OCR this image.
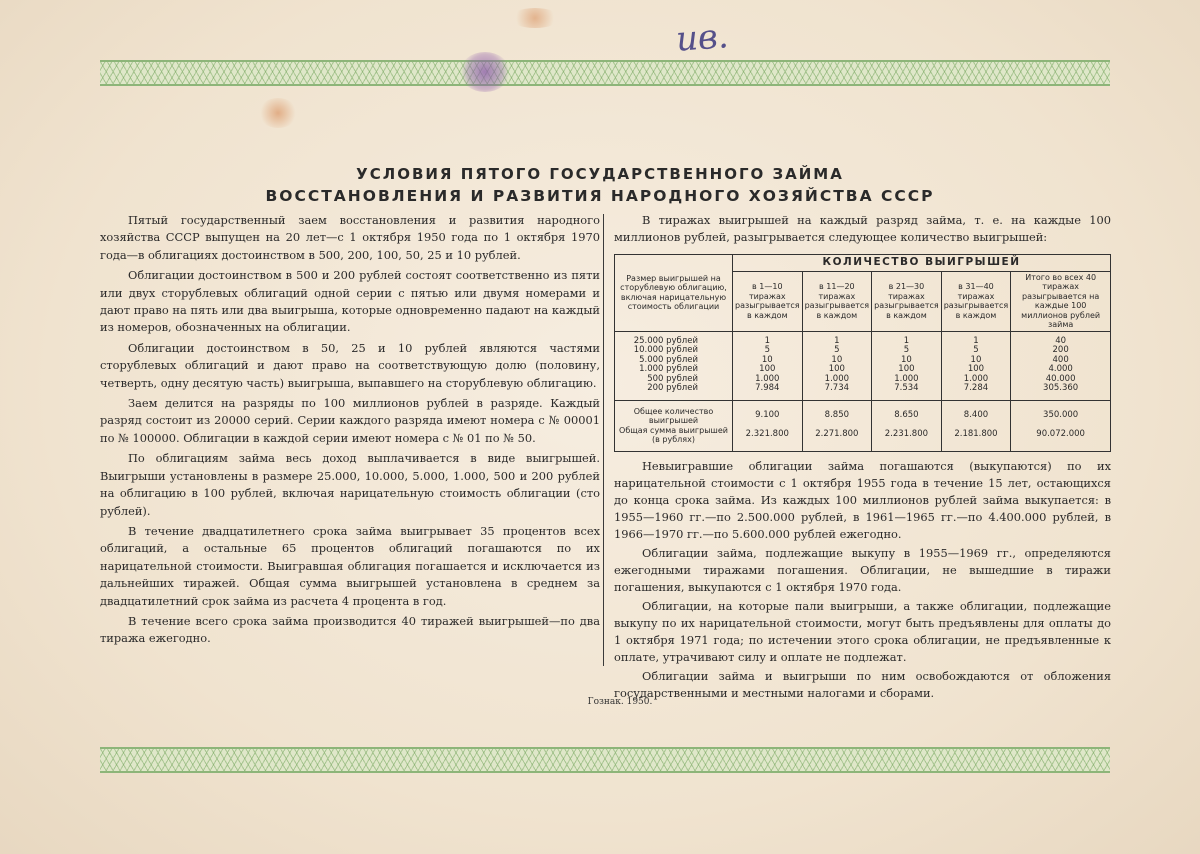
ив.
УСЛОВИЯ ПЯТОГО ГОСУДАРСТВЕННОГО ЗАЙМА
ВОССТАНОВЛЕНИЯ И РАЗВИТИЯ НАРОДНОГО ХОЗЯЙСТВА СССР

Пятый государственный заем восстановления и развития народного хозяйства СССР выпущен на 20 лет—с 1 октября 1950 года по 1 октября 1970 года—в облигациях достоинством в 500, 200, 100, 50, 25 и 10 рублей.

Облигации достоинством в 500 и 200 рублей состоят соответственно из пяти или двух сторублевых облигаций одной серии с пятью или двумя номерами и дают право на пять или два выигрыша, которые одновременно падают на каждый из номеров, обозначенных на облигации.

Облигации достоинством в 50, 25 и 10 рублей являются частями сторублевых облигаций и дают право на соответствующую долю (половину, четверть, одну десятую часть) выигрыша, выпавшего на сторублевую облигацию.

Заем делится на разряды по 100 миллионов рублей в разряде. Каждый разряд состоит из 20000 серий. Серии каждого разряда имеют номера с № 00001 по № 100000. Облигации в каждой серии имеют номера с № 01 по № 50.

По облигациям займа весь доход выплачивается в виде выигрышей. Выигрыши установлены в размере 25.000, 10.000, 5.000, 1.000, 500 и 200 рублей на облигацию в 100 рублей, включая нарицательную стоимость облигации (сто рублей).

В течение двадцатилетнего срока займа выигрывает 35 процентов всех облигаций, а остальные 65 процентов облигаций погашаются по их нарицательной стоимости. Выигравшая облигация погашается и исключается из дальнейших тиражей. Общая сумма выигрышей установлена в среднем за двадцатилетний срок займа из расчета 4 процента в год.

В течение всего срока займа производится 40 тиражей выигрышей—по два тиража ежегодно.

В тиражах выигрышей на каждый разряд займа, т. е. на каждые 100 миллионов рублей, разыгрывается следующее количество выигрышей:

Размер выигрышей на сторублевую облигацию, включая нарицательную стоимость облигации	КОЛИЧЕСТВО ВЫИГРЫШЕЙ				
	в 1—10 тиражах разыгрывается в каждом	в 11—20 тиражах разыгрывается в каждом	в 21—30 тиражах разыгрывается в каждом	в 31—40 тиражах разыгрывается в каждом	Итого во всех 40 тиражах разыгрывается на каждые 100 миллионов рублей займа
25.000 рублей	1	1	1	1	40
10.000 рублей	5	5	5	5	200
5.000 рублей	10	10	10	10	400
1.000 рублей	100	100	100	100	4.000
500 рублей	1.000	1.000	1.000	1.000	40.000
200 рублей	7.984	7.734	7.534	7.284	305.360
Общее количество выигрышей	9.100	8.850	8.650	8.400	350.000
Общая сумма выигрышей (в рублях)	2.321.800	2.271.800	2.231.800	2.181.800	90.072.000

Невыигравшие облигации займа погашаются (выкупаются) по их нарицательной стоимости с 1 октября 1955 года в течение 15 лет, остающихся до конца срока займа. Из каждых 100 миллионов рублей займа выкупается: в 1955—1960 гг.—по 2.500.000 рублей, в 1961—1965 гг.—по 4.400.000 рублей, в 1966—1970 гг.—по 5.600.000 рублей ежегодно.

Облигации займа, подлежащие выкупу в 1955—1969 гг., определяются ежегодными тиражами погашения. Облигации, не вышедшие в тиражи погашения, выкупаются с 1 октября 1970 года.

Облигации, на которые пали выигрыши, а также облигации, подлежащие выкупу по их нарицательной стоимости, могут быть предъявлены для оплаты до 1 октября 1971 года; по истечении этого срока облигации, не предъявленные к оплате, утрачивают силу и оплате не подлежат.

Облигации займа и выигрыши по ним освобождаются от обложения государственными и местными налогами и сборами.

Гознак. 1950.
